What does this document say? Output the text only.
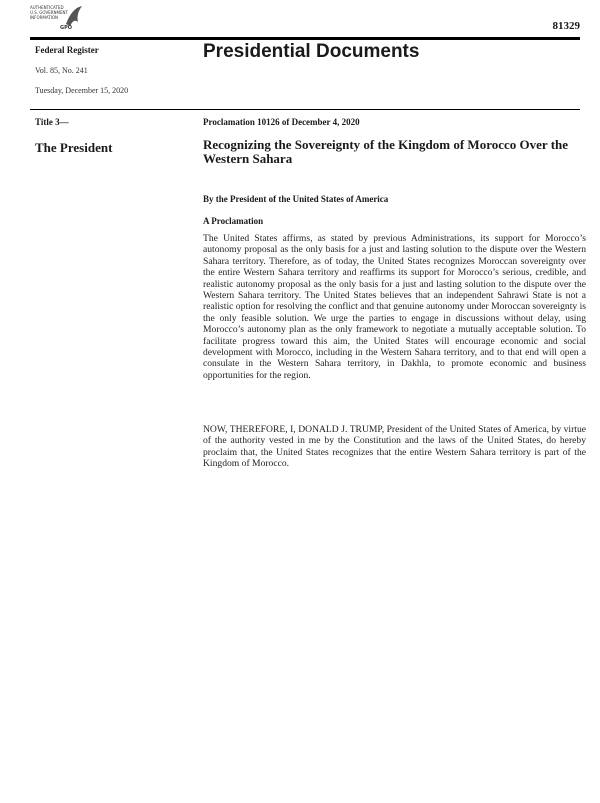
AUTHENTICATED
U.S. GOVERNMENT
INFORMATION
GPO	81329
Federal Register
Vol. 85, No. 241
Tuesday, December 15, 2020
Presidential Documents
Title 3—
The President
Proclamation 10126 of December 4, 2020
Recognizing the Sovereignty of the Kingdom of Morocco Over the Western Sahara
By the President of the United States of America
A Proclamation

The United States affirms, as stated by previous Administrations, its support for Morocco’s autonomy proposal as the only basis for a just and lasting solution to the dispute over the Western Sahara territory. Therefore, as of today, the United States recognizes Moroccan sovereignty over the entire Western Sahara territory and reaffirms its support for Morocco’s serious, credible, and realistic autonomy proposal as the only basis for a just and lasting solution to the dispute over the Western Sahara territory. The United States believes that an independent Sahrawi State is not a realistic option for resolving the conflict and that genuine autonomy under Moroccan sovereignty is the only feasible solution. We urge the parties to engage in discussions without delay, using Morocco’s autonomy plan as the only framework to negotiate a mutually acceptable solution. To facilitate progress toward this aim, the United States will encourage economic and social development with Morocco, including in the Western Sahara territory, and to that end will open a consulate in the Western Sahara territory, in Dakhla, to promote economic and business opportunities for the region.

NOW, THEREFORE, I, DONALD J. TRUMP, President of the United States of America, by virtue of the authority vested in me by the Constitution and the laws of the United States, do hereby proclaim that, the United States recognizes that the entire Western Sahara territory is part of the Kingdom of Morocco.
